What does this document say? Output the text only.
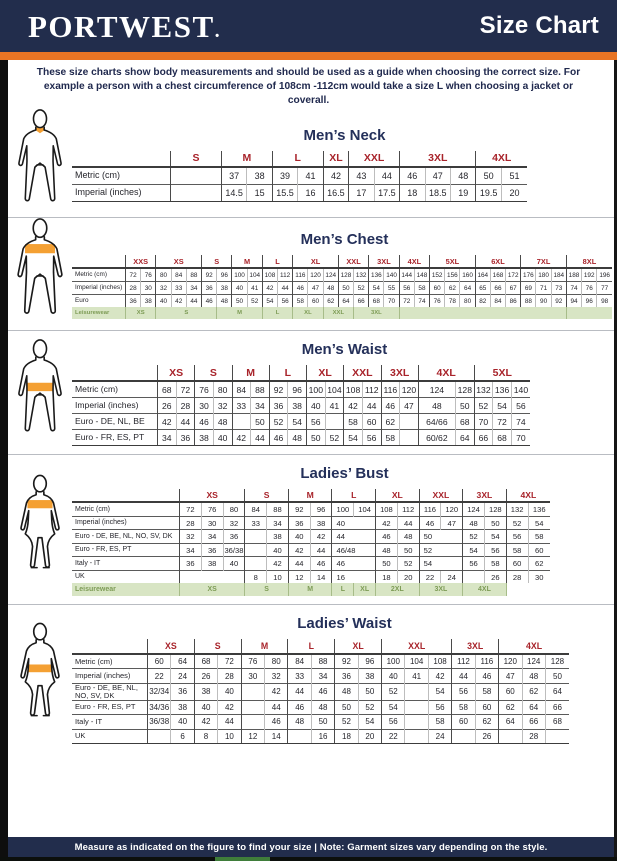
PORTWEST.	Size Chart
These size charts show body measurements and should be used as a guide when choosing the correct size. For example a person with a chest circumference of 108cm -112cm would take a size L when choosing a jacket or coverall.
Men’s Neck
	S	M		L		XL	XXL		3XL			4XL	
Metric (cm)		37	38	39	41	42	43	44	46	47	48	50	51
Imperial (inches)		14.5	15	15.5	16	16.5	17	17.5	18	18.5	19	19.5	20
Men’s Chest
	XXS		XS			S		M		L		XL			XXL		3XL		4XL		5XL			6XL			7XL			8XL		
Metric (cm)	72	76	80	84	88	92	96	100	104	108	112	116	120	124	128	132	136	140	144	148	152	156	160	164	168	172	176	180	184	188	192	196
Imperial (inches)	28	30	32	33	34	36	38	40	41	42	44	46	47	48	50	52	54	55	56	58	60	62	64	65	66	67	69	71	73	74	76	77
Euro	36	38	40	42	44	46	48	50	52	54	56	58	60	62	64	66	68	70	72	74	76	78	80	82	84	86	88	90	92	94	96	98
Leisurewear	XS		S				M			L		XL		XXL		3XL																
Men’s Waist
	XS		S		M		L		XL		XXL		3XL		4XL		5XL		
Metric (cm)	68	72	76	80	84	88	92	96	100	104	108	112	116	120	124	128	132	136	140
Imperial (inches)	26	28	30	32	33	34	36	38	40	41	42	44	46	47	48	50	52	54	56
Euro - DE, NL, BE	42	44	46	48		50	52	54	56		58	60	62		64/66	68	70	72	74
Euro - FR, ES, PT	34	36	38	40	42	44	46	48	50	52	54	56	58		60/62	64	66	68	70
Ladies’ Bust
	XS			S		M		L		XL		XXL		3XL		4XL	
Metric (cm)	72	76	80	84	88	92	96	100	104	108	112	116	120	124	128	132	136
Imperial (inches)	28	30	32	33	34	36	38	40		42	44	46	47	48	50	52	54
Euro - DE, BE, NL, NO, SV, DK	32	34	36		38	40	42	44		46	48	50		52	54	56	58
Euro - FR, ES, PT	34	36	36/38		40	42	44	46/48		48	50	52		54	56	58	60
Italy - IT	36	38	40		42	44	46	46		50	52	54		56	58	60	62
UK				8	10	12	14	16		18	20	22	24		26	28	30
Leisurewear	XS			S		M		L	XL	2XL		3XL		4XL			
Ladies’ Waist
	XS		S		M		L		XL		XXL			3XL		4XL		
Metric (cm)	60	64	68	72	76	80	84	88	92	96	100	104	108	112	116	120	124	128
Imperial (inches)	22	24	26	28	30	32	33	34	36	38	40	41	42	44	46	47	48	50
Euro - DE, BE, NL, NO, SV, DK	32/34	36	38	40		42	44	46	48	50	52		54	56	58	60	62	64
Euro - FR, ES, PT	34/36	38	40	42		44	46	48	50	52	54		56	58	60	62	64	66
Italy - IT	36/38	40	42	44		46	48	50	52	54	56		58	60	62	64	66	68
UK		6	8	10	12	14		16	18	20	22		24		26		28	
Measure as indicated on the figure to find your size | Note: Garment sizes vary depending on the style.
